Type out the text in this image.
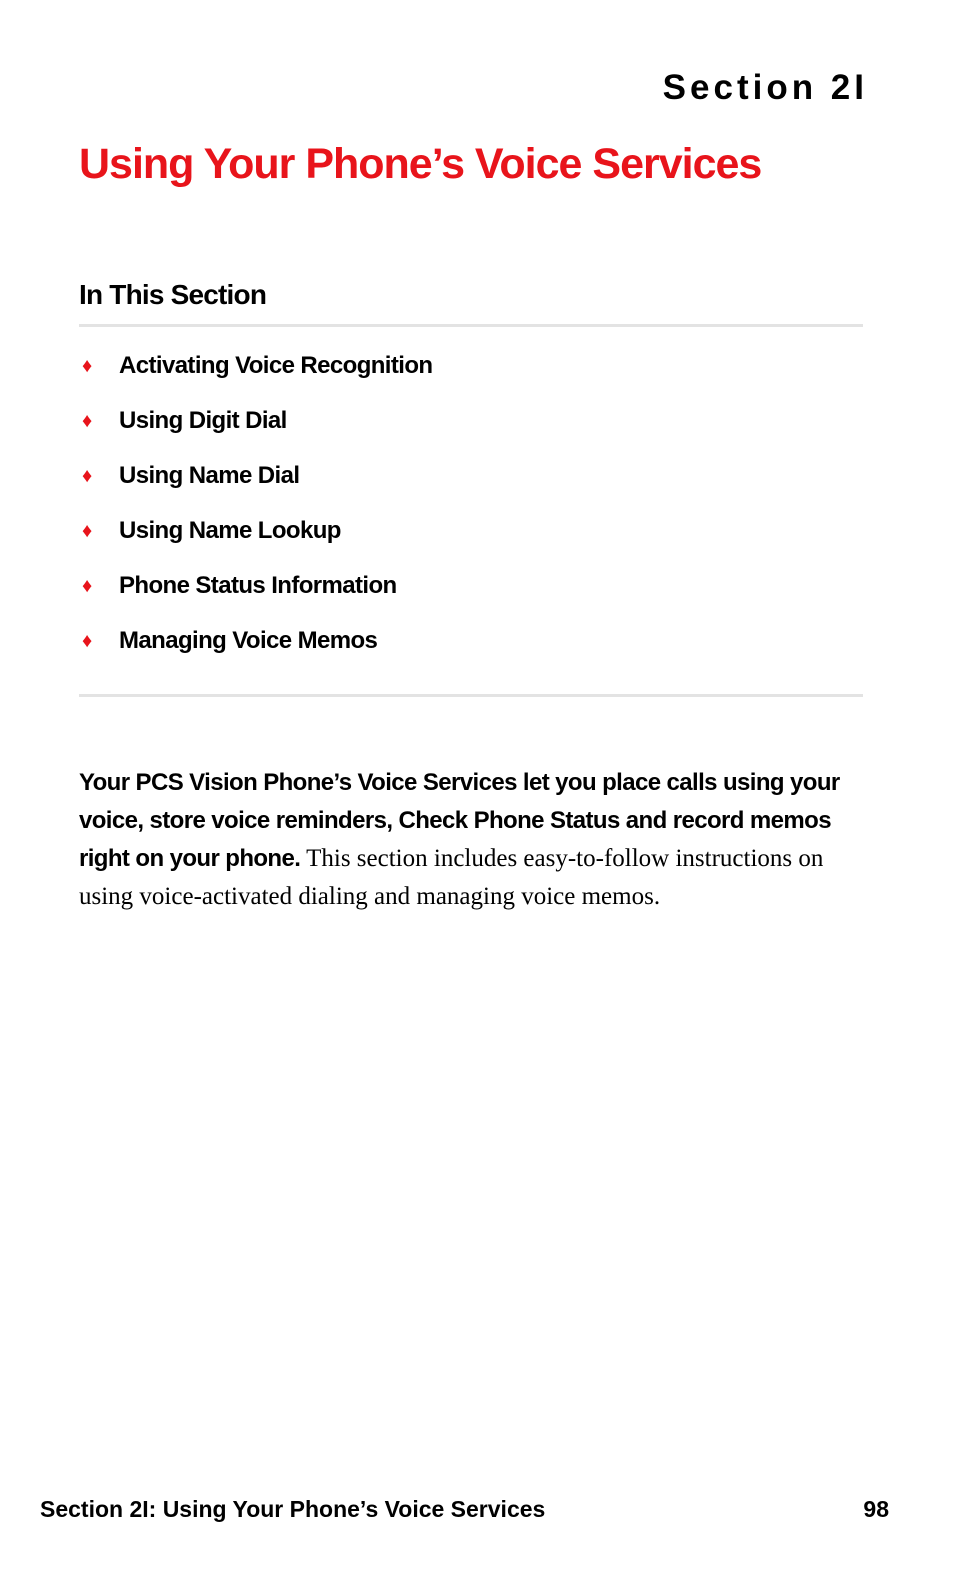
Section 2I
Using Your Phone’s Voice Services
In This Section
♦	Activating Voice Recognition
♦	Using Digit Dial
♦	Using Name Dial
♦	Using Name Lookup
♦	Phone Status Information
♦	Managing Voice Memos

Your PCS Vision Phone’s Voice Services let you place calls using your voice, store voice reminders, Check Phone Status and record memos right on your phone. This section includes easy-to-follow instructions on using voice-activated dialing and managing voice memos.

Section 2I: Using Your Phone’s Voice Services	98
